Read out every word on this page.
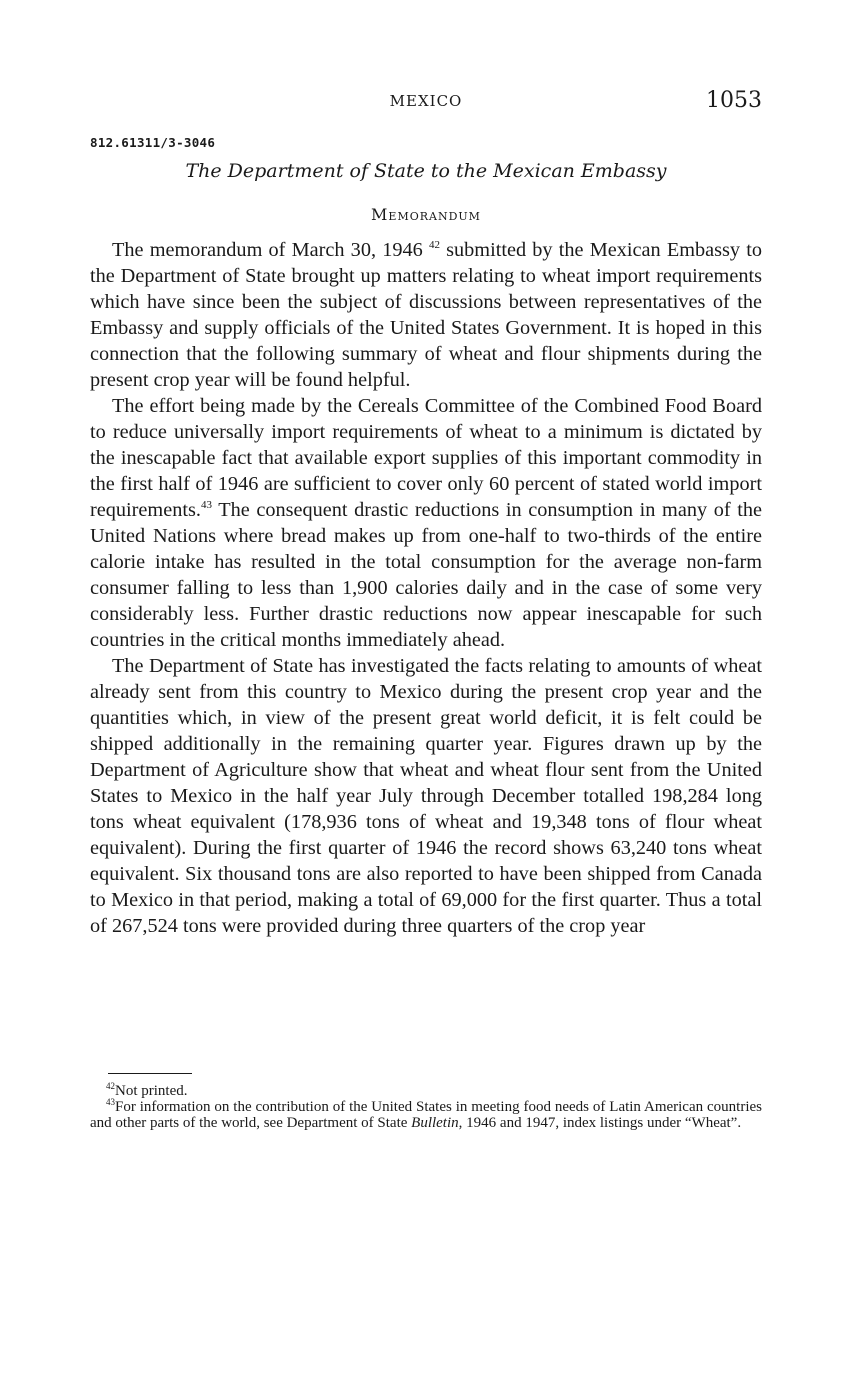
MEXICO	1053
812.61311/3-3046
The Department of State to the Mexican Embassy
Memorandum

The memorandum of March 30, 1946 $^{42}$ submitted by the Mexican Embassy to the Department of State brought up matters relating to wheat import requirements which have since been the subject of discussions between representatives of the Embassy and supply officials of the United States Government. It is hoped in this connection that the following summary of wheat and flour shipments during the present crop year will be found helpful.

The effort being made by the Cereals Committee of the Combined Food Board to reduce universally import requirements of wheat to a minimum is dictated by the inescapable fact that available export supplies of this important commodity in the first half of 1946 are sufficient to cover only 60 percent of stated world import requirements.$^{43}$ The consequent drastic reductions in consumption in many of the United Nations where bread makes up from one-half to two-thirds of the entire calorie intake has resulted in the total consumption for the average non-farm consumer falling to less than 1,900 calories daily and in the case of some very considerably less. Further drastic reductions now appear inescapable for such countries in the critical months immediately ahead.

The Department of State has investigated the facts relating to amounts of wheat already sent from this country to Mexico during the present crop year and the quantities which, in view of the present great world deficit, it is felt could be shipped additionally in the remaining quarter year. Figures drawn up by the Department of Agriculture show that wheat and wheat flour sent from the United States to Mexico in the half year July through December totalled 198,284 long tons wheat equivalent (178,936 tons of wheat and 19,348 tons of flour wheat equivalent). During the first quarter of 1946 the record shows 63,240 tons wheat equivalent. Six thousand tons are also reported to have been shipped from Canada to Mexico in that period, making a total of 69,000 for the first quarter. Thus a total of 267,524 tons were provided during three quarters of the crop year

$^{42}$Not printed.

$^{43}$For information on the contribution of the United States in meeting food needs of Latin American countries and other parts of the world, see Department of State Bulletin, 1946 and 1947, index listings under “Wheat”.
